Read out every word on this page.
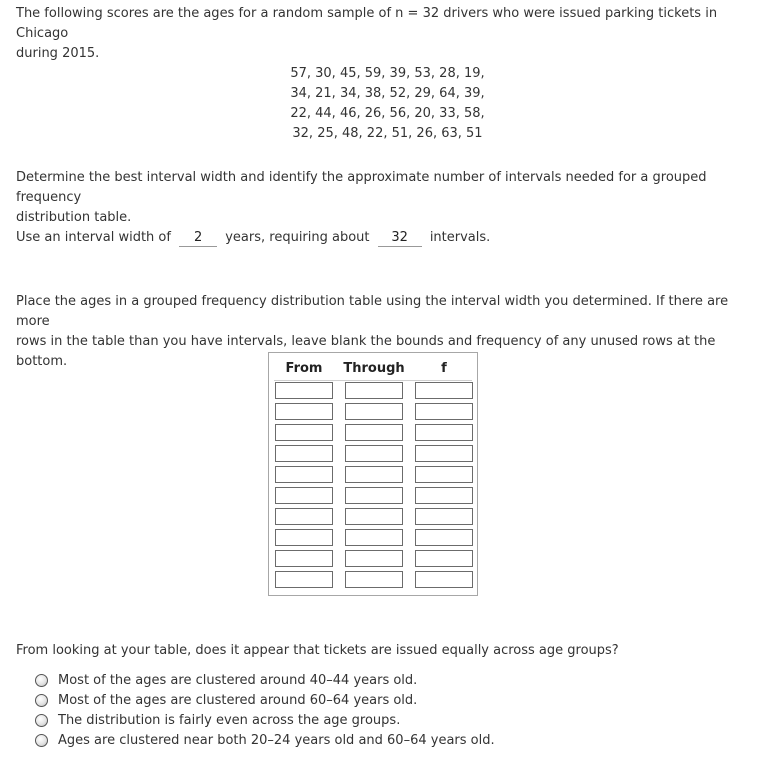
The following scores are the ages for a random sample of n = 32 drivers who were issued parking tickets in Chicago
during 2015.
57, 30, 45, 59, 39, 53, 28, 19,
34, 21, 34, 38, 52, 29, 64, 39,
22, 44, 46, 26, 56, 20, 33, 58,
32, 25, 48, 22, 51, 26, 63, 51
Determine the best interval width and identify the approximate number of intervals needed for a grouped frequency
distribution table.
Use an interval width of 2 years, requiring about 32 intervals.
Place the ages in a grouped frequency distribution table using the interval width you determined. If there are more
rows in the table than you have intervals, leave blank the bounds and frequency of any unused rows at the bottom.	From	Through	f
From looking at your table, does it appear that tickets are issued equally across age groups?
Most of the ages are clustered around 40–44 years old.
Most of the ages are clustered around 60–64 years old.
The distribution is fairly even across the age groups.
Ages are clustered near both 20–24 years old and 60–64 years old.
